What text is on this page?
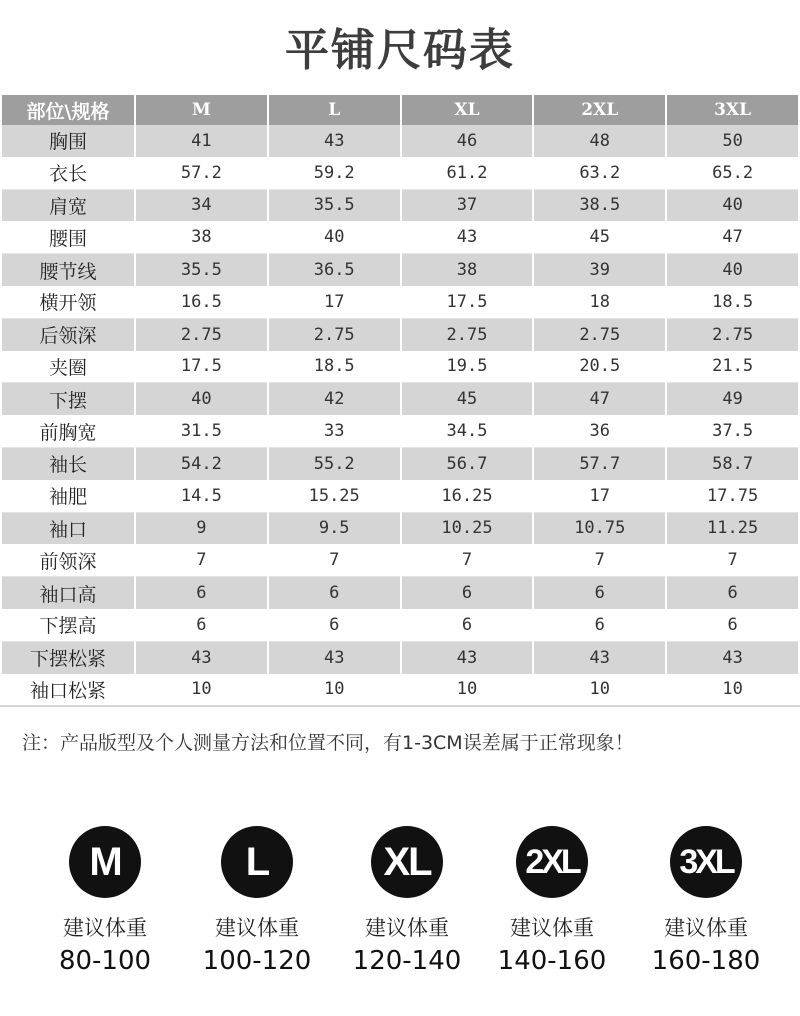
平铺尺码表
部位\规格	M	L	XL	2XL	3XL
胸围	41	43	46	48	50
衣长	57.2	59.2	61.2	63.2	65.2
肩宽	34	35.5	37	38.5	40
腰围	38	40	43	45	47
腰节线	35.5	36.5	38	39	40
横开领	16.5	17	17.5	18	18.5
后领深	2.75	2.75	2.75	2.75	2.75
夹圈	17.5	18.5	19.5	20.5	21.5
下摆	40	42	45	47	49
前胸宽	31.5	33	34.5	36	37.5
袖长	54.2	55.2	56.7	57.7	58.7
袖肥	14.5	15.25	16.25	17	17.75
袖口	9	9.5	10.25	10.75	11.25
前领深	7	7	7	7	7
袖口高	6	6	6	6	6
下摆高	6	6	6	6	6
下摆松紧	43	43	43	43	43
袖口松紧	10	10	10	10	10
注：产品版型及个人测量方法和位置不同，有1-3CM误差属于正常现象！
M
建议体重
80-100
L
建议体重
100-120
XL
建议体重
120-140
2XL
建议体重
140-160
3XL
建议体重
160-180
